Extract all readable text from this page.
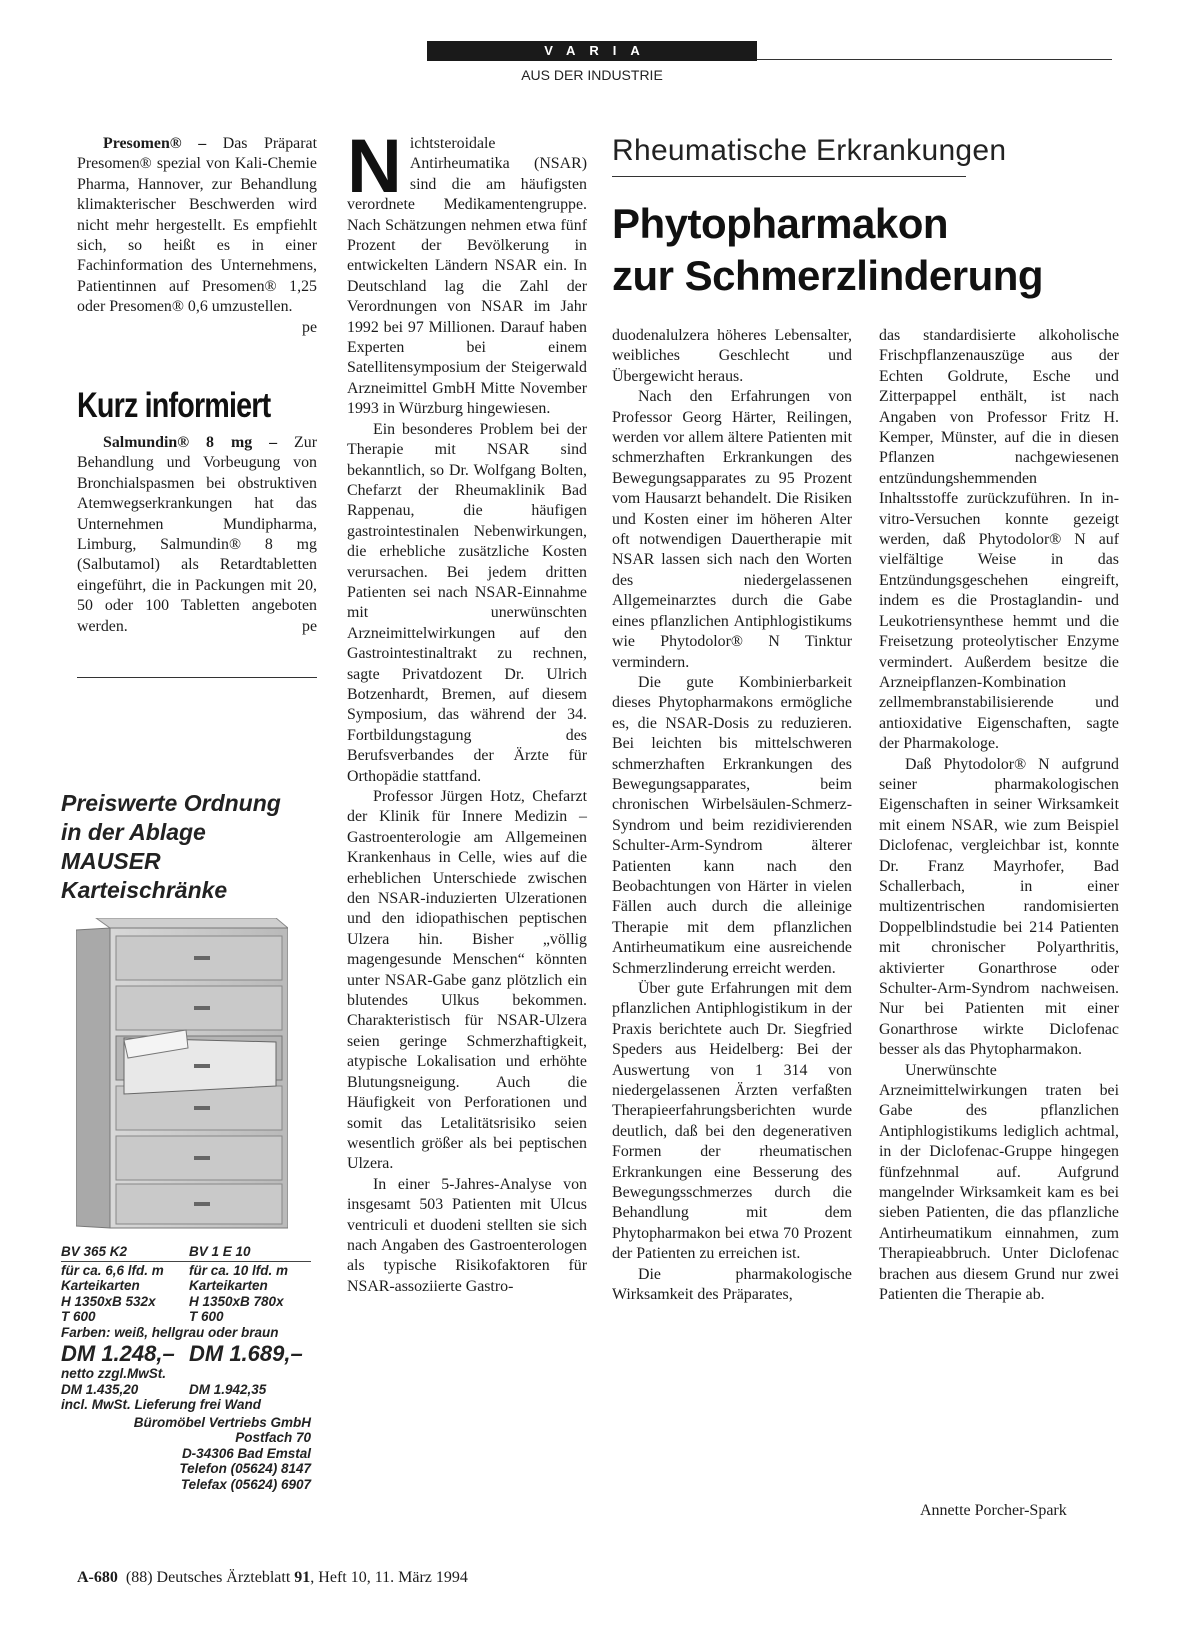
VARIA
AUS DER INDUSTRIE

Presomen® – Das Präparat Presomen® spezial von Kali-Chemie Pharma, Hannover, zur Behandlung klimakterischer Beschwerden wird nicht mehr hergestellt. Es empfiehlt sich, so heißt es in einer Fachinformation des Unternehmens, Patientinnen auf Presomen® 1,25 oder Presomen® 0,6 umzustellen.
pe

Kurz informiert

Salmundin® 8 mg – Zur Behandlung und Vorbeugung von Bronchialspasmen bei obstruktiven Atemwegserkrankungen hat das Unternehmen Mundipharma, Limburg, Salmundin® 8 mg (Salbutamol) als Retardtabletten eingeführt, die in Packungen mit 20, 50 oder 100 Tabletten angeboten werden.	pe

Preiswerte Ordnung
in der Ablage
MAUSER
Karteischränke
BV 365 K2	BV 1 E 10
für ca. 6,6 lfd. m	für ca. 10 lfd. m
Karteikarten	Karteikarten
H 1350xB 532x	H 1350xB 780x
T 600	T 600
Farben: weiß, hellgrau oder braun
DM 1.248,– DM 1.689,–
netto zzgl.MwSt.
DM 1.435,20	DM 1.942,35
incl. MwSt. Lieferung frei Wand
Büromöbel Vertriebs GmbH
Postfach 70
D-34306 Bad Emstal
Telefon (05624) 8147
Telefax (05624) 6907

Nichtsteroidale Antirheumatika (NSAR) sind die am häufigsten verordnete Medikamentengruppe. Nach Schätzungen nehmen etwa fünf Prozent der Bevölkerung in entwickelten Ländern NSAR ein. In Deutschland lag die Zahl der Verordnungen von NSAR im Jahr 1992 bei 97 Millionen. Darauf haben Experten bei einem Satellitensymposium der Steigerwald Arzneimittel GmbH Mitte November 1993 in Würzburg hingewiesen.

Ein besonderes Problem bei der Therapie mit NSAR sind bekanntlich, so Dr. Wolfgang Bolten, Chefarzt der Rheumaklinik Bad Rappenau, die häufigen gastrointestinalen Nebenwirkungen, die erhebliche zusätzliche Kosten verursachen. Bei jedem dritten Patienten sei nach NSAR-Einnahme mit unerwünschten Arzneimittelwirkungen auf den Gastrointestinaltrakt zu rechnen, sagte Privatdozent Dr. Ulrich Botzenhardt, Bremen, auf diesem Symposium, das während der 34. Fortbildungstagung des Berufsverbandes der Ärzte für Orthopädie stattfand.

Professor Jürgen Hotz, Chefarzt der Klinik für Innere Medizin – Gastroenterologie am Allgemeinen Krankenhaus in Celle, wies auf die erheblichen Unterschiede zwischen den NSAR-induzierten Ulzerationen und den idiopathischen peptischen Ulzera hin. Bisher „völlig magengesunde Menschen“ könnten unter NSAR-Gabe ganz plötzlich ein blutendes Ulkus bekommen. Charakteristisch für NSAR-Ulzera seien geringe Schmerzhaftigkeit, atypische Lokalisation und erhöhte Blutungsneigung. Auch die Häufigkeit von Perforationen und somit das Letalitätsrisiko seien wesentlich größer als bei peptischen Ulzera.

In einer 5-Jahres-Analyse von insgesamt 503 Patienten mit Ulcus ventriculi et duodeni stellten sie sich nach Angaben des Gastroenterologen als typische Risikofaktoren für NSAR-assoziierte Gastro-

Rheumatische Erkrankungen
Phytopharmakon
zur Schmerzlinderung

duodenalulzera höheres Lebensalter, weibliches Geschlecht und Übergewicht heraus.

Nach den Erfahrungen von Professor Georg Härter, Reilingen, werden vor allem ältere Patienten mit schmerzhaften Erkrankungen des Bewegungsapparates zu 95 Prozent vom Hausarzt behandelt. Die Risiken und Kosten einer im höheren Alter oft notwendigen Dauertherapie mit NSAR lassen sich nach den Worten des niedergelassenen Allgemeinarztes durch die Gabe eines pflanzlichen Antiphlogistikums wie Phytodolor® N Tinktur vermindern.

Die gute Kombinierbarkeit dieses Phytopharmakons ermögliche es, die NSAR-Dosis zu reduzieren. Bei leichten bis mittelschweren schmerzhaften Erkrankungen des Bewegungsapparates, beim chronischen Wirbelsäulen-Schmerz-Syndrom und beim rezidivierenden Schulter-Arm-Syndrom älterer Patienten kann nach den Beobachtungen von Härter in vielen Fällen auch durch die alleinige Therapie mit dem pflanzlichen Antirheumatikum eine ausreichende Schmerzlinderung erreicht werden.

Über gute Erfahrungen mit dem pflanzlichen Antiphlogistikum in der Praxis berichtete auch Dr. Siegfried Speders aus Heidelberg: Bei der Auswertung von 1 314 von niedergelassenen Ärzten verfaßten Therapieerfahrungsberichten wurde deutlich, daß bei den degenerativen Formen der rheumatischen Erkrankungen eine Besserung des Bewegungsschmerzes durch die Behandlung mit dem Phytopharmakon bei etwa 70 Prozent der Patienten zu erreichen ist.

Die pharmakologische Wirksamkeit des Präparates,

das standardisierte alkoholische Frischpflanzenauszüge aus der Echten Goldrute, Esche und Zitterpappel enthält, ist nach Angaben von Professor Fritz H. Kemper, Münster, auf die in diesen Pflanzen nachgewiesenen entzündungshemmenden Inhaltsstoffe zurückzuführen. In in-vitro-Versuchen konnte gezeigt werden, daß Phytodolor® N auf vielfältige Weise in das Entzündungsgeschehen eingreift, indem es die Prostaglandin- und Leukotriensynthese hemmt und die Freisetzung proteolytischer Enzyme vermindert. Außerdem besitze die Arzneipflanzen-Kombination zellmembranstabilisierende und antioxidative Eigenschaften, sagte der Pharmakologe.

Daß Phytodolor® N aufgrund seiner pharmakologischen Eigenschaften in seiner Wirksamkeit mit einem NSAR, wie zum Beispiel Diclofenac, vergleichbar ist, konnte Dr. Franz Mayrhofer, Bad Schallerbach, in einer multizentrischen randomisierten Doppelblindstudie bei 214 Patienten mit chronischer Polyarthritis, aktivierter Gonarthrose oder Schulter-Arm-Syndrom nachweisen. Nur bei Patienten mit einer Gonarthrose wirkte Diclofenac besser als das Phytopharmakon.

Unerwünschte Arzneimittelwirkungen traten bei Gabe des pflanzlichen Antiphlogistikums lediglich achtmal, in der Diclofenac-Gruppe hingegen fünfzehnmal auf. Aufgrund mangelnder Wirksamkeit kam es bei sieben Patienten, die das pflanzliche Antirheumatikum einnahmen, zum Therapieabbruch. Unter Diclofenac brachen aus diesem Grund nur zwei Patienten die Therapie ab.

Annette Porcher-Spark
A-680 (88) Deutsches Ärzteblatt 91, Heft 10, 11. März 1994
